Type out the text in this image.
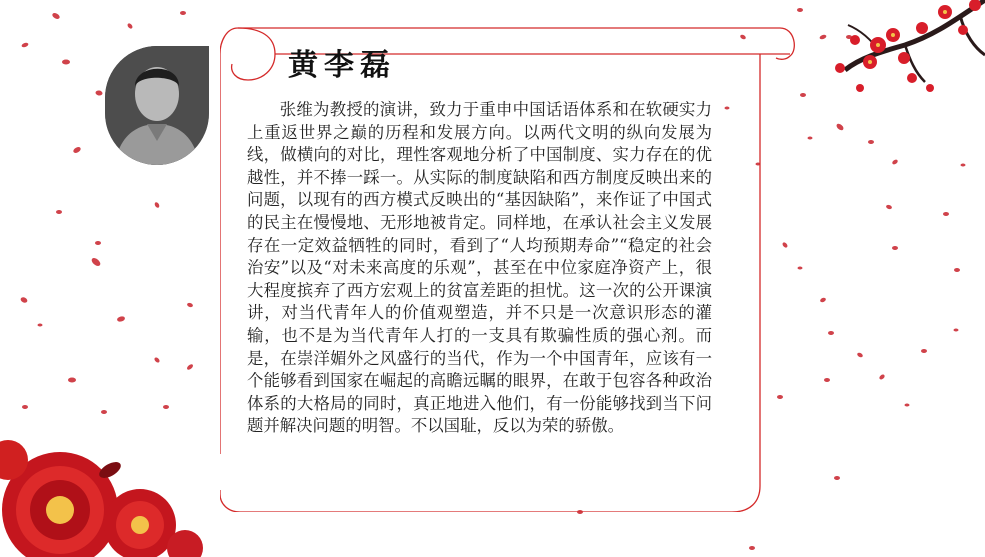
黄李磊
张维为教授的演讲，致力于重申中国话语体系和在软硬实力上重返世界之巅的历程和发展方向。以两代文明的纵向发展为线，做横向的对比，理性客观地分析了中国制度、实力存在的优越性，并不捧一踩一。从实际的制度缺陷和西方制度反映出来的问题，以现有的西方模式反映出的“基因缺陷”，来作证了中国式的民主在慢慢地、无形地被肯定。同样地，在承认社会主义发展存在一定效益牺牲的同时，看到了“人均预期寿命”“稳定的社会治安”以及“对未来高度的乐观”，甚至在中位家庭净资产上，很大程度摈弃了西方宏观上的贫富差距的担忧。这一次的公开课演讲，对当代青年人的价值观塑造，并不只是一次意识形态的灌输，也不是为当代青年人打的一支具有欺骗性质的强心剂。而是，在崇洋媚外之风盛行的当代，作为一个中国青年，应该有一个能够看到国家在崛起的高瞻远瞩的眼界，在敢于包容各种政治体系的大格局的同时，真正地进入他们，有一份能够找到当下问题并解决问题的明智。不以国耻，反以为荣的骄傲。
